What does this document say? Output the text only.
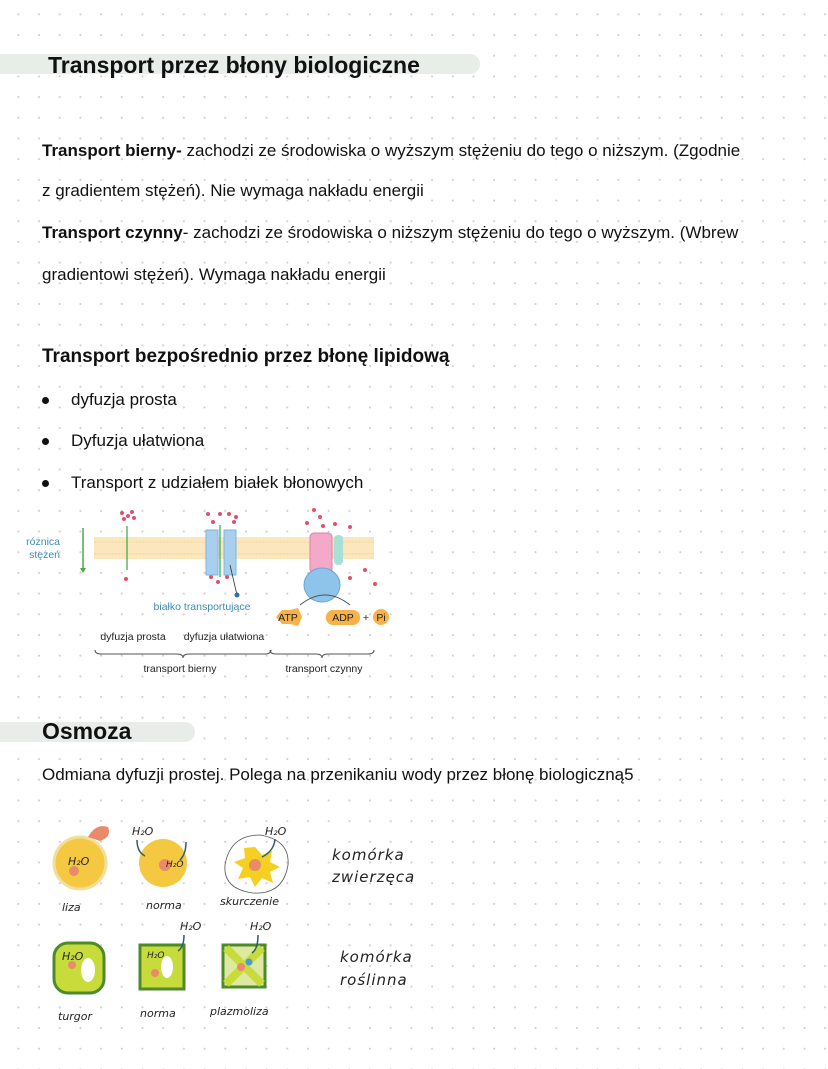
Transport przez błony biologiczne
Transport bierny- zachodzi ze środowiska o wyższym stężeniu do tego o niższym. (Zgodnie
z gradientem stężeń). Nie wymaga nakładu energii
Transport czynny- zachodzi ze środowiska o niższym stężeniu do tego o wyższym. (Wbrew
gradientowi stężeń). Wymaga nakładu energii
Transport bezpośrednio przez błonę lipidową
dyfuzja prosta
Dyfuzja ułatwiona
Transport z udziałem białek błonowych
różnica
stężeń
białko transportujące
ATP	ADP + Pi
dyfuzja prosta dyfuzja ułatwiona
transport bierny	transport czynny
Osmoza
Odmiana dyfuzji prostej. Polega na przenikaniu wody przez błonę biologiczną5
H₂O
H₂O
H₂O
H₂O
liza	norma	skurczenie
komórka
zwierzęca
H₂O	H₂O
H₂O	H₂O
turgor	norma	plazmoliza
komórka
roślinna
